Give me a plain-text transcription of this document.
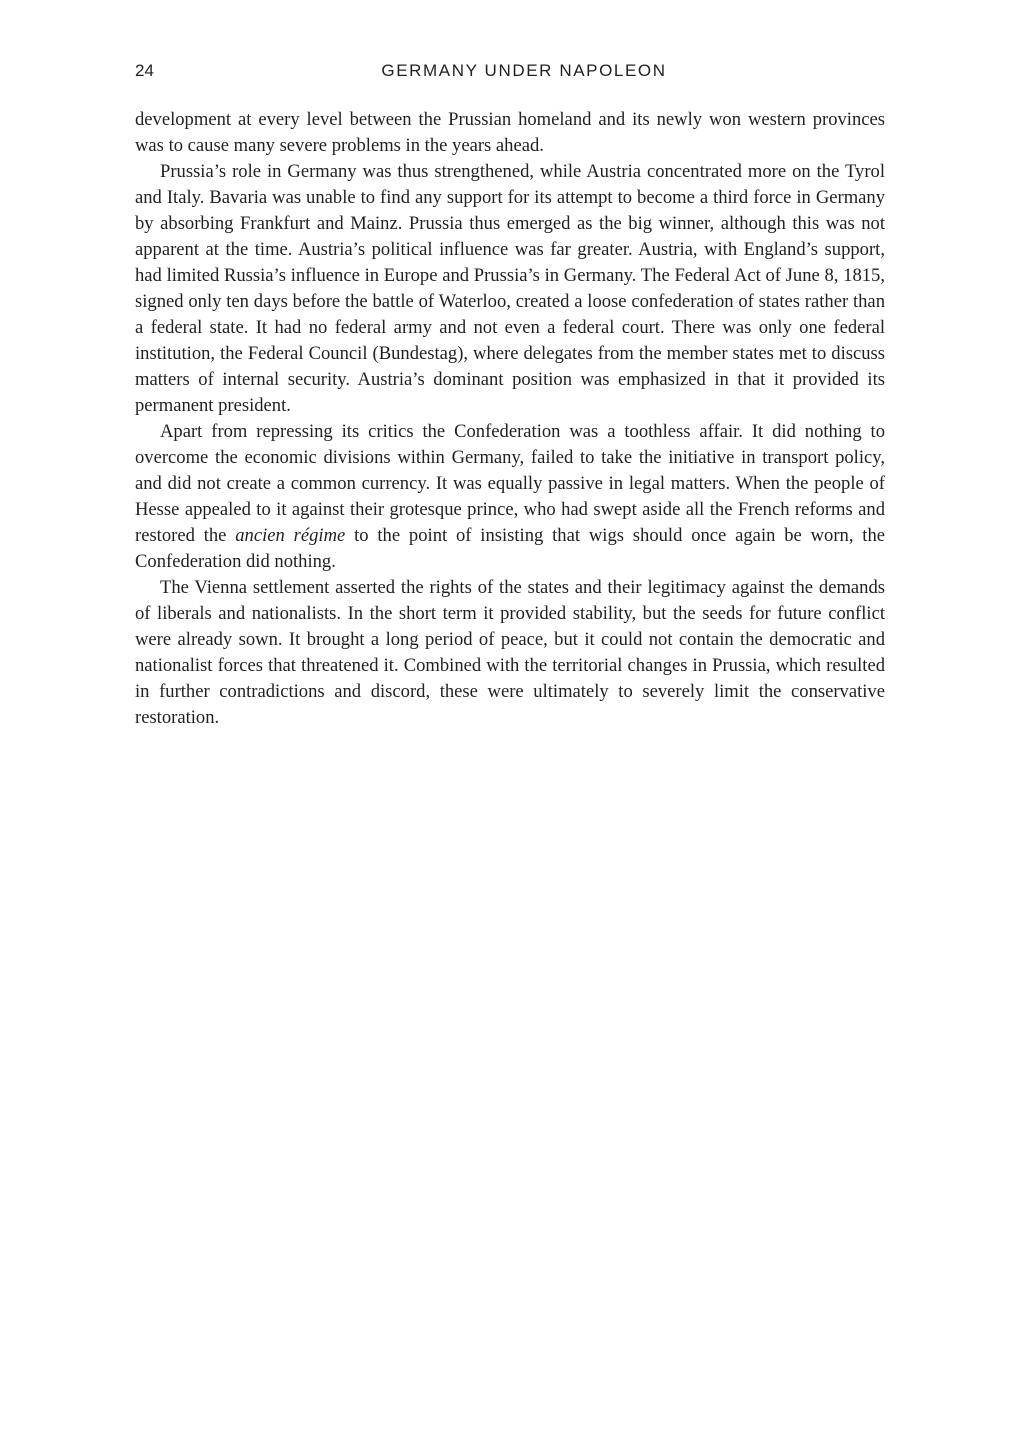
24	GERMANY UNDER NAPOLEON

development at every level between the Prussian homeland and its newly won western provinces was to cause many severe problems in the years ahead.

Prussia’s role in Germany was thus strengthened, while Austria concentrated more on the Tyrol and Italy. Bavaria was unable to find any support for its attempt to become a third force in Germany by absorbing Frankfurt and Mainz. Prussia thus emerged as the big winner, although this was not apparent at the time. Austria’s political influence was far greater. Austria, with England’s support, had limited Russia’s influence in Europe and Prussia’s in Germany. The Federal Act of June 8, 1815, signed only ten days before the battle of Waterloo, created a loose confederation of states rather than a federal state. It had no federal army and not even a federal court. There was only one federal institution, the Federal Council (Bundestag), where delegates from the member states met to discuss matters of internal security. Austria’s dominant position was emphasized in that it provided its permanent president.

Apart from repressing its critics the Confederation was a toothless affair. It did nothing to overcome the economic divisions within Germany, failed to take the initiative in transport policy, and did not create a common currency. It was equally passive in legal matters. When the people of Hesse appealed to it against their grotesque prince, who had swept aside all the French reforms and restored the ancien régime to the point of insisting that wigs should once again be worn, the Confederation did nothing.

The Vienna settlement asserted the rights of the states and their legitimacy against the demands of liberals and nationalists. In the short term it provided stability, but the seeds for future conflict were already sown. It brought a long period of peace, but it could not contain the democratic and nationalist forces that threatened it. Combined with the territorial changes in Prussia, which resulted in further contradictions and discord, these were ultimately to severely limit the conservative restoration.
